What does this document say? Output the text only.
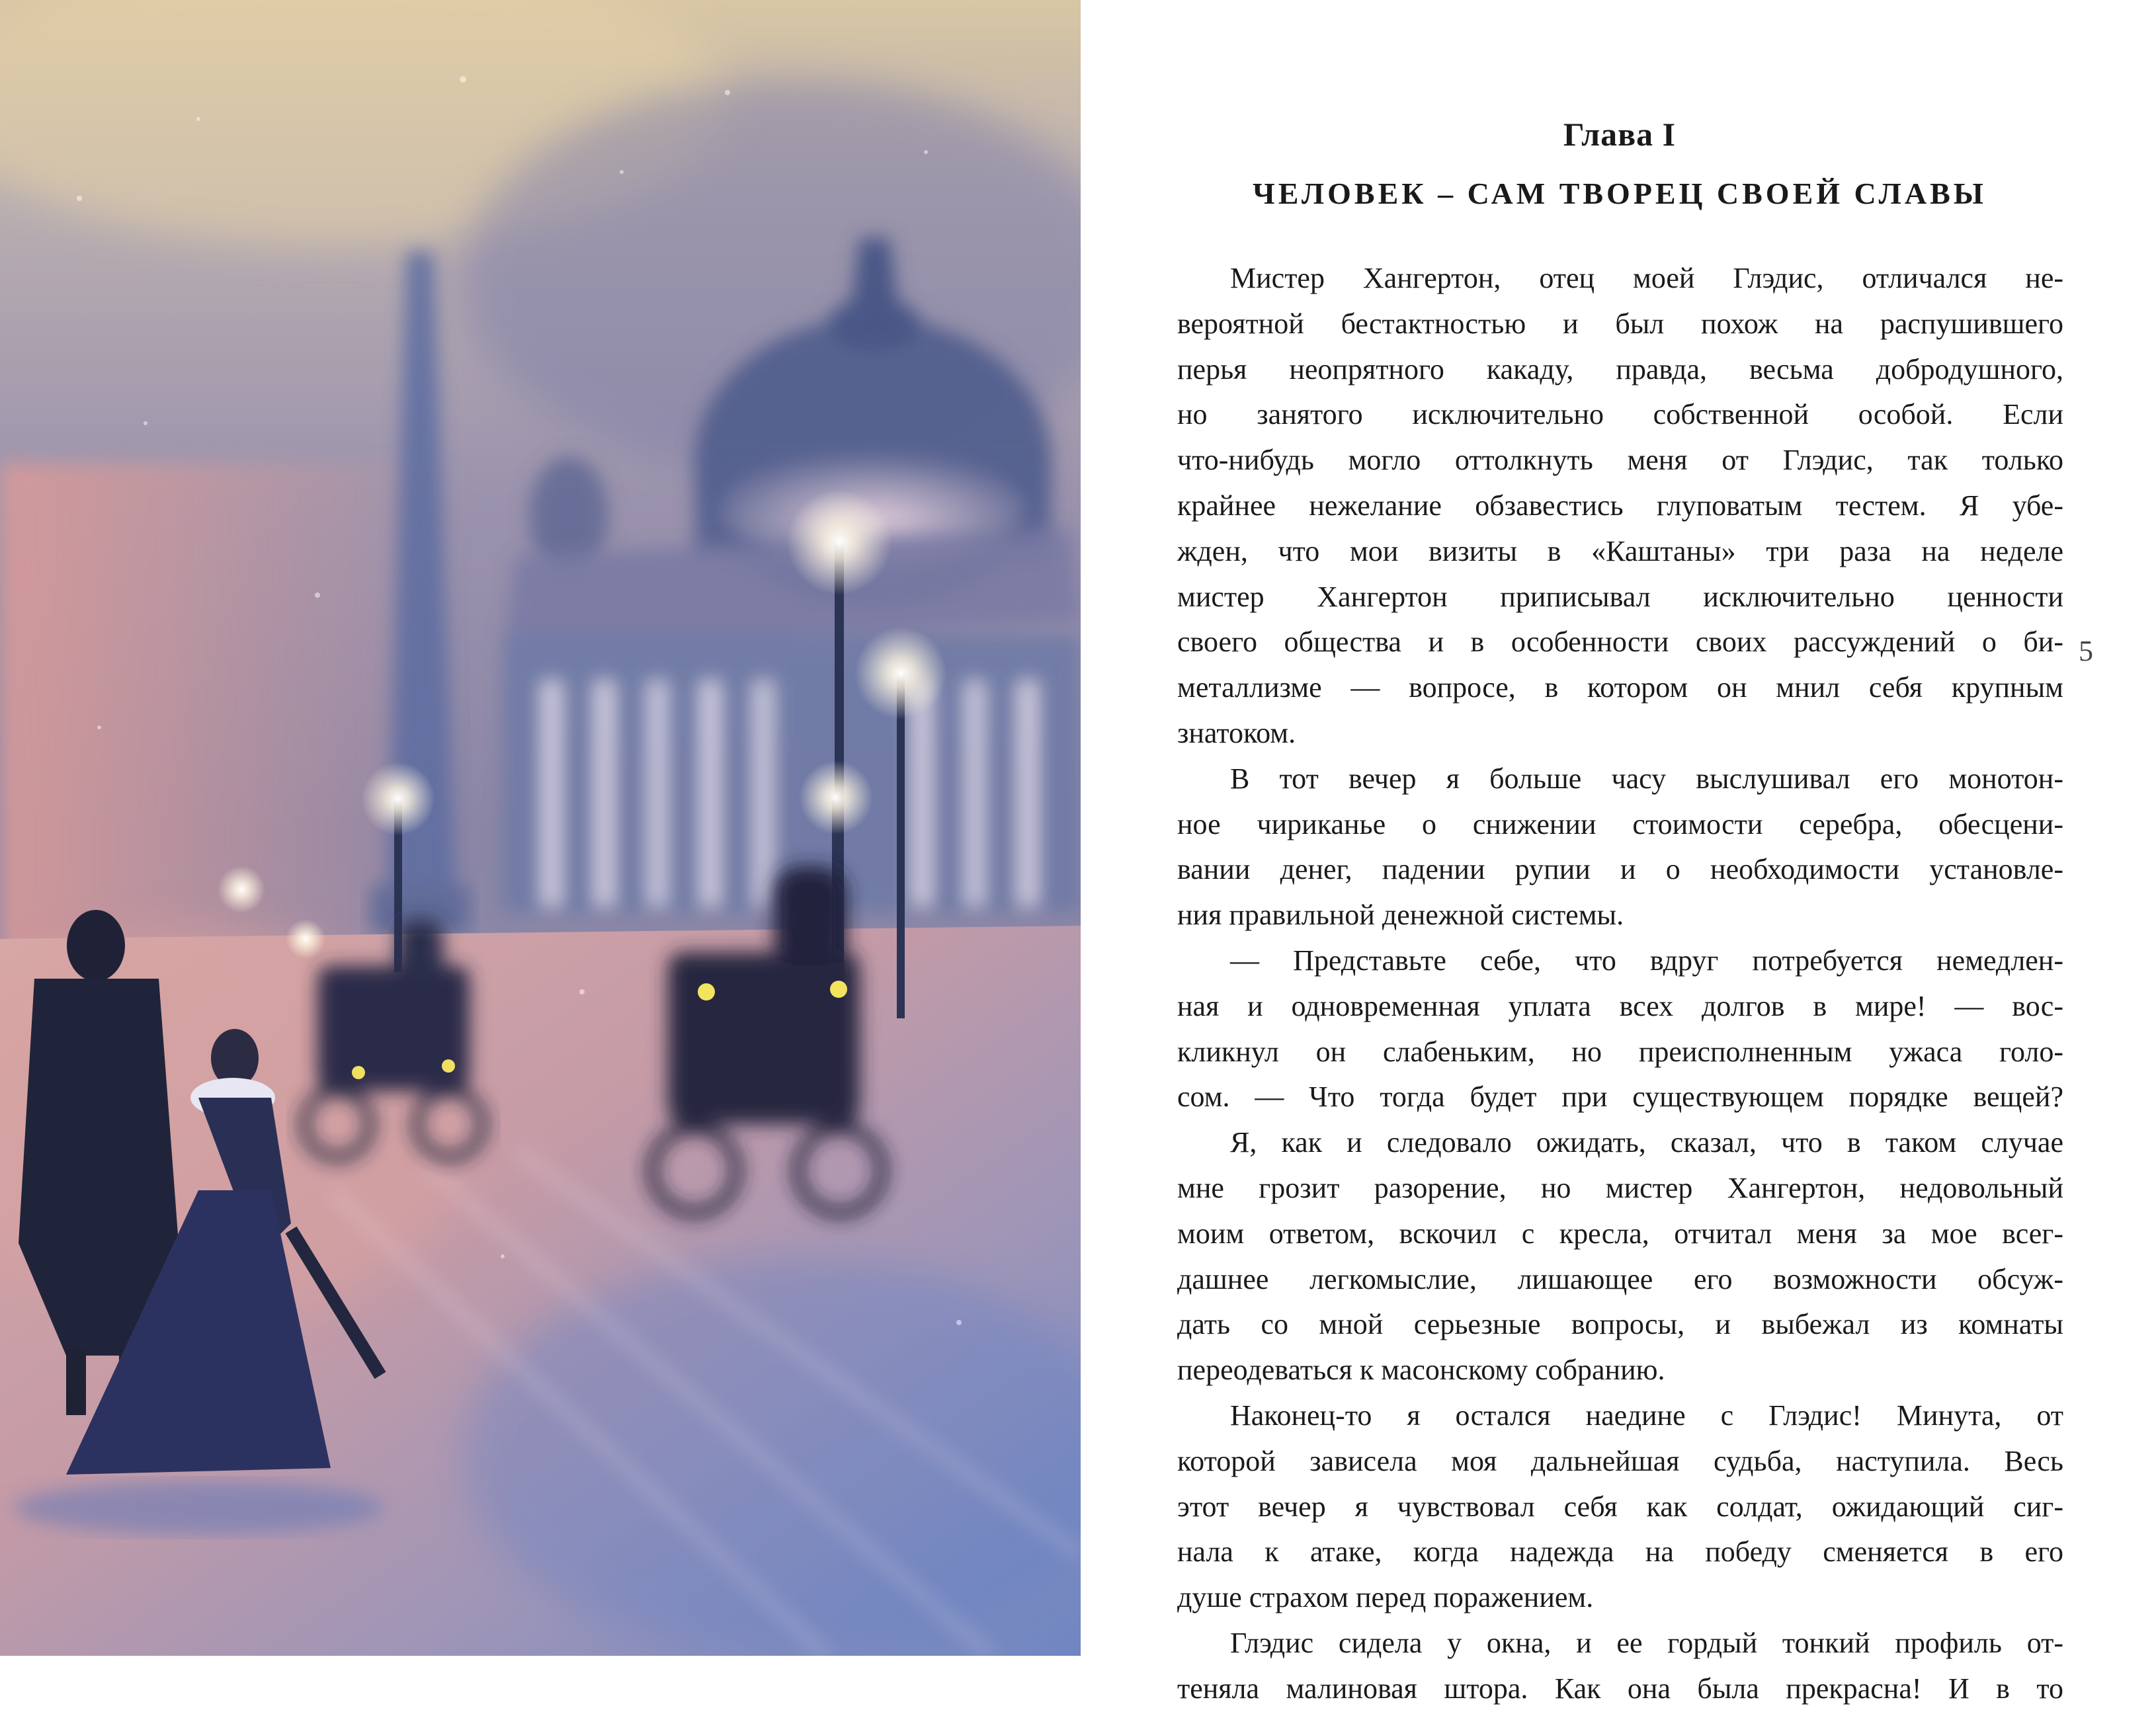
Глава I
ЧЕЛОВЕК – САМ ТВОРЕЦ СВОЕЙ СЛАВЫ
Мистер Хангертон, отец моей Глэдис, отличался не-
вероятной бестактностью и был похож на распушившего
перья неопрятного какаду, правда, весьма добродушного,
но занятого исключительно собственной особой. Если
что-нибудь могло оттолкнуть меня от Глэдис, так только
крайнее нежелание обзавестись глуповатым тестем. Я убе-
жден, что мои визиты в «Каштаны» три раза на неделе
мистер Хангертон приписывал исключительно ценности
своего общества и в особенности своих рассуждений о би-
металлизме — вопросе, в котором он мнил себя крупным
знатоком.
В тот вечер я больше часу выслушивал его монотон-
ное чириканье о снижении стоимости серебра, обесцени-
вании денег, падении рупии и о необходимости установле-
ния правильной денежной системы.
— Представьте себе, что вдруг потребуется немедлен-
ная и одновременная уплата всех долгов в мире! — вос-
кликнул он слабеньким, но преисполненным ужаса голо-
сом. — Что тогда будет при существующем порядке вещей?
Я, как и следовало ожидать, сказал, что в таком случае
мне грозит разорение, но мистер Хангертон, недовольный
моим ответом, вскочил с кресла, отчитал меня за мое всег-
дашнее легкомыслие, лишающее его возможности обсуж-
дать со мной серьезные вопросы, и выбежал из комнаты
переодеваться к масонскому собранию.
Наконец-то я остался наедине с Глэдис! Минута, от
которой зависела моя дальнейшая судьба, наступила. Весь
этот вечер я чувствовал себя как солдат, ожидающий сиг-
нала к атаке, когда надежда на победу сменяется в его
душе страхом перед поражением.
Глэдис сидела у окна, и ее гордый тонкий профиль от-
теняла малиновая штора. Как она была прекрасна! И в то
5
